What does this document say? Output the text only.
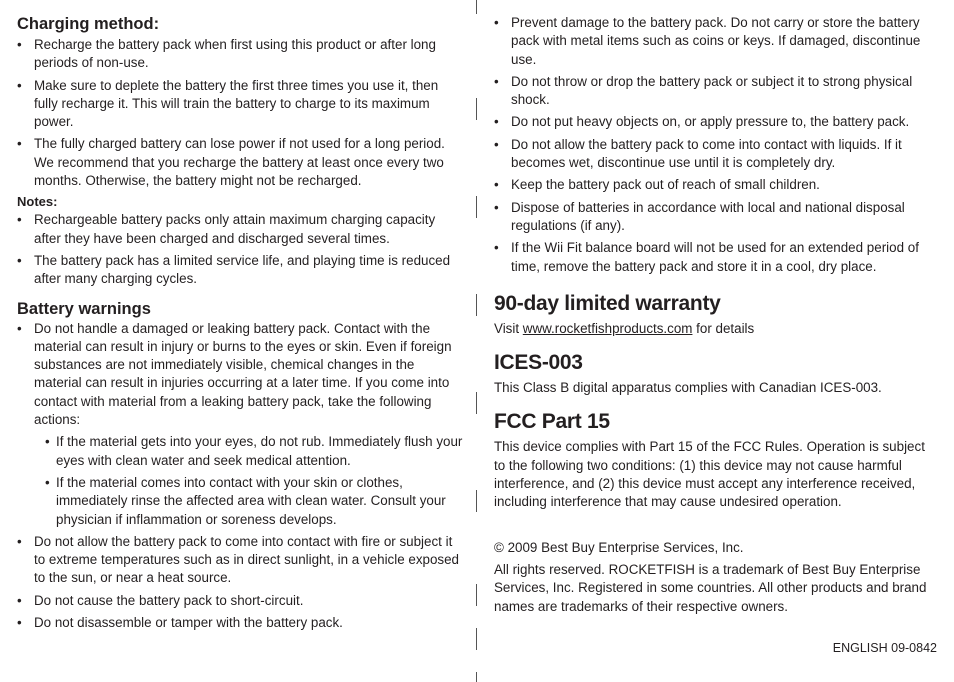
Charging method:
• Recharge the battery pack when first using this product or after long periods of non-use.
• Make sure to deplete the battery the first three times you use it, then fully recharge it. This will train the battery to charge to its maximum power.
• The fully charged battery can lose power if not used for a long period. We recommend that you recharge the battery at least once every two months. Otherwise, the battery might not be recharged.
Notes:
• Rechargeable battery packs only attain maximum charging capacity after they have been charged and discharged several times.
• The battery pack has a limited service life, and playing time is reduced after many charging cycles.
Battery warnings
• Do not handle a damaged or leaking battery pack. Contact with the material can result in injury or burns to the eyes or skin. Even if foreign substances are not immediately visible, chemical changes in the material can result in injuries occurring at a later time. If you come into contact with material from a leaking battery pack, take the following actions:
• If the material gets into your eyes, do not rub. Immediately flush your eyes with clean water and seek medical attention.
• If the material comes into contact with your skin or clothes, immediately rinse the affected area with clean water. Consult your physician if inflammation or soreness develops.
• Do not allow the battery pack to come into contact with fire or subject it to extreme temperatures such as in direct sunlight, in a vehicle exposed to the sun, or near a heat source.
• Do not cause the battery pack to short-circuit.
• Do not disassemble or tamper with the battery pack.
• Prevent damage to the battery pack. Do not carry or store the battery pack with metal items such as coins or keys. If damaged, discontinue use.
• Do not throw or drop the battery pack or subject it to strong physical shock.
• Do not put heavy objects on, or apply pressure to, the battery pack.
• Do not allow the battery pack to come into contact with liquids. If it becomes wet, discontinue use until it is completely dry.
• Keep the battery pack out of reach of small children.
• Dispose of batteries in accordance with local and national disposal regulations (if any).
• If the Wii Fit balance board will not be used for an extended period of time, remove the battery pack and store it in a cool, dry place.
90-day limited warranty

Visit www.rocketfishproducts.com for details

ICES-003

This Class B digital apparatus complies with Canadian ICES-003.

FCC Part 15

This device complies with Part 15 of the FCC Rules. Operation is subject to the following two conditions: (1) this device may not cause harmful interference, and (2) this device must accept any interference received, including interference that may cause undesired operation.

© 2009 Best Buy Enterprise Services, Inc.

All rights reserved. ROCKETFISH is a trademark of Best Buy Enterprise Services, Inc. Registered in some countries. All other products and brand names are trademarks of their respective owners.

ENGLISH 09-0842
